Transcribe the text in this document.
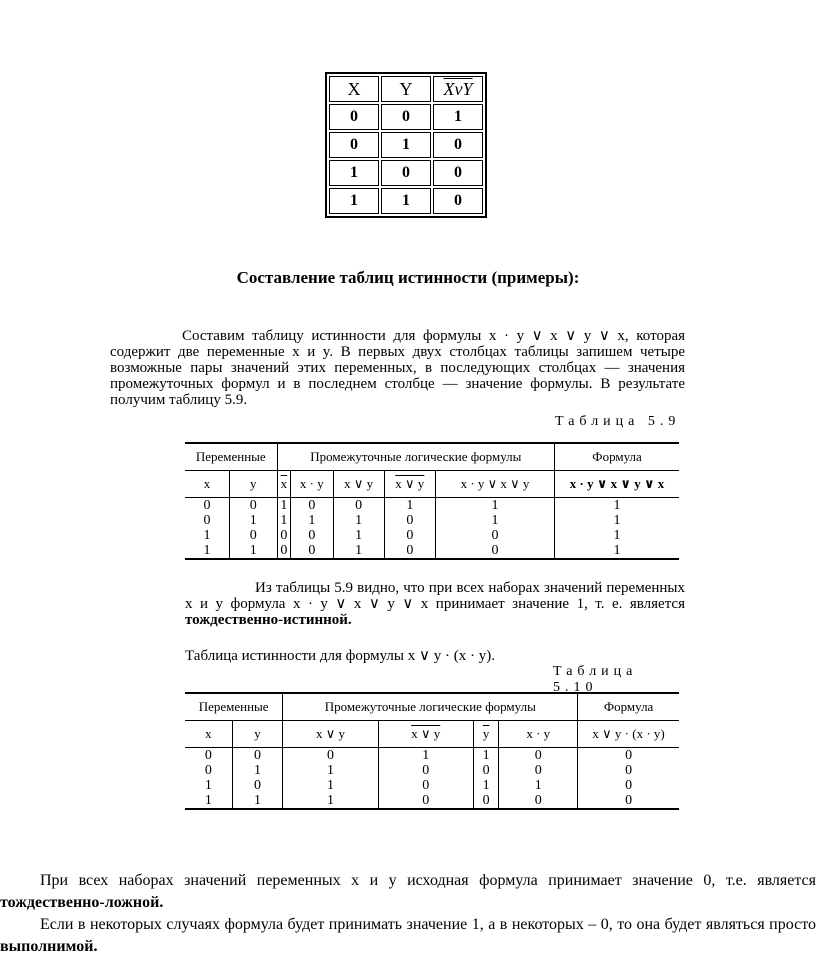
X	Y	$\overline{XvY}$
0	0	1
0	1	0
1	0	0
1	1	0
Составление таблиц истинности (примеры):
Составим таблицу истинности для формулы x · y ∨ x ∨ y ∨ x, которая содержит две переменные x и y. В первых двух столбцах таблицы запишем четыре возможные пары значений этих переменных, в последующих столбцах — значения промежуточных формул и в последнем столбце — значение формулы. В результате получим таблицу 5.9.
Таблица 5.9
Переменные		Промежуточные логические формулы					Формула
x	y	$\overline{x}$	x · y	x ∨ y	x ∨ y	x · y ∨ x ∨ y	x · y ∨ x ∨ y ∨ x
0	0	1	0	0	1	1	1
0	1	1	1	1	0	1	1
1	0	0	0	1	0	0	1
1	1	0	0	1	0	0	1
Из таблицы 5.9 видно, что при всех наборах значений переменных x и y формула x · y ∨ x ∨ y ∨ x принимает значение 1, т. е. является тождественно-истинной.
Таблица истинности для формулы x ∨ y · (x · y).
Таблица 5.10
Переменные		Промежуточные логические формулы				Формула
x	y	x ∨ y	x ∨ y	$\overline{y}$	x · y	x ∨ y · (x · y)
0	0	0	1	1	0	0
0	1	1	0	0	0	0
1	0	1	0	1	1	0
1	1	1	0	0	0	0

При всех наборах значений переменных x и y исходная формула принимает значение 0, т.е. является тождественно-ложной.

Если в некоторых случаях формула будет принимать значение 1, а в некоторых – 0, то она будет являться просто выполнимой.
